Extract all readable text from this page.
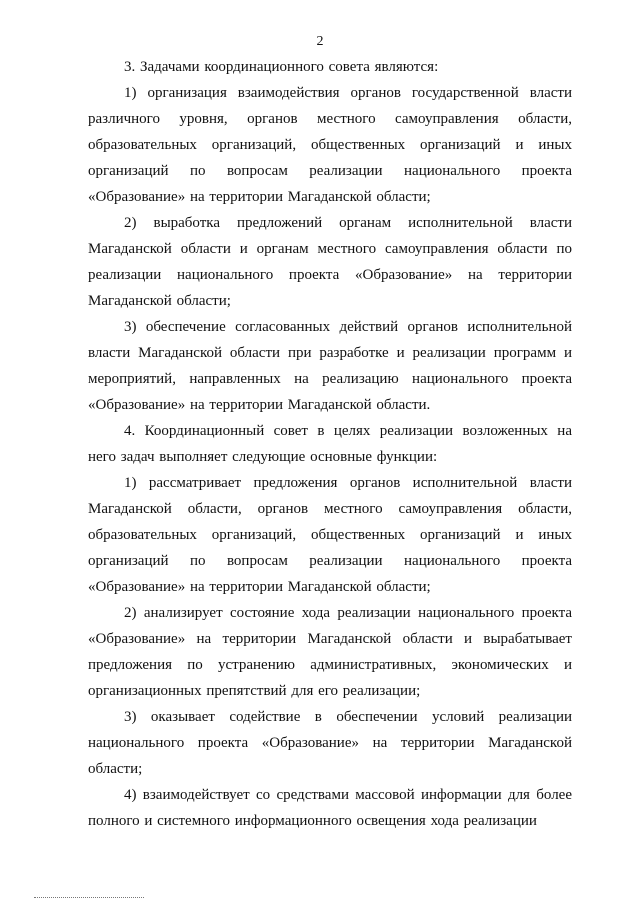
2

3. Задачами координационного совета являются:

1) организация взаимодействия органов государственной власти различного уровня, органов местного самоуправления области, образовательных организаций, общественных организаций и иных организаций по вопросам реализации национального проекта «Образование» на территории Магаданской области;

2) выработка предложений органам исполнительной власти Магаданской области и органам местного самоуправления области по реализации национального проекта «Образование» на территории Магаданской области;

3) обеспечение согласованных действий органов исполнительной власти Магаданской области при разработке и реализации программ и мероприятий, направленных на реализацию национального проекта «Образование» на территории Магаданской области.

4. Координационный совет в целях реализации возложенных на него задач выполняет следующие основные функции:

1) рассматривает предложения органов исполнительной власти Магаданской области, органов местного самоуправления области, образовательных организаций, общественных организаций и иных организаций по вопросам реализации национального проекта «Образование» на территории Магаданской области;

2) анализирует состояние хода реализации национального проекта «Образование» на территории Магаданской области и вырабатывает предложения по устранению административных, экономических и организационных препятствий для его реализации;

3) оказывает содействие в обеспечении условий реализации национального проекта «Образование» на территории Магаданской области;

4) взаимодействует со средствами массовой информации для более полного и системного информационного освещения хода реализации
